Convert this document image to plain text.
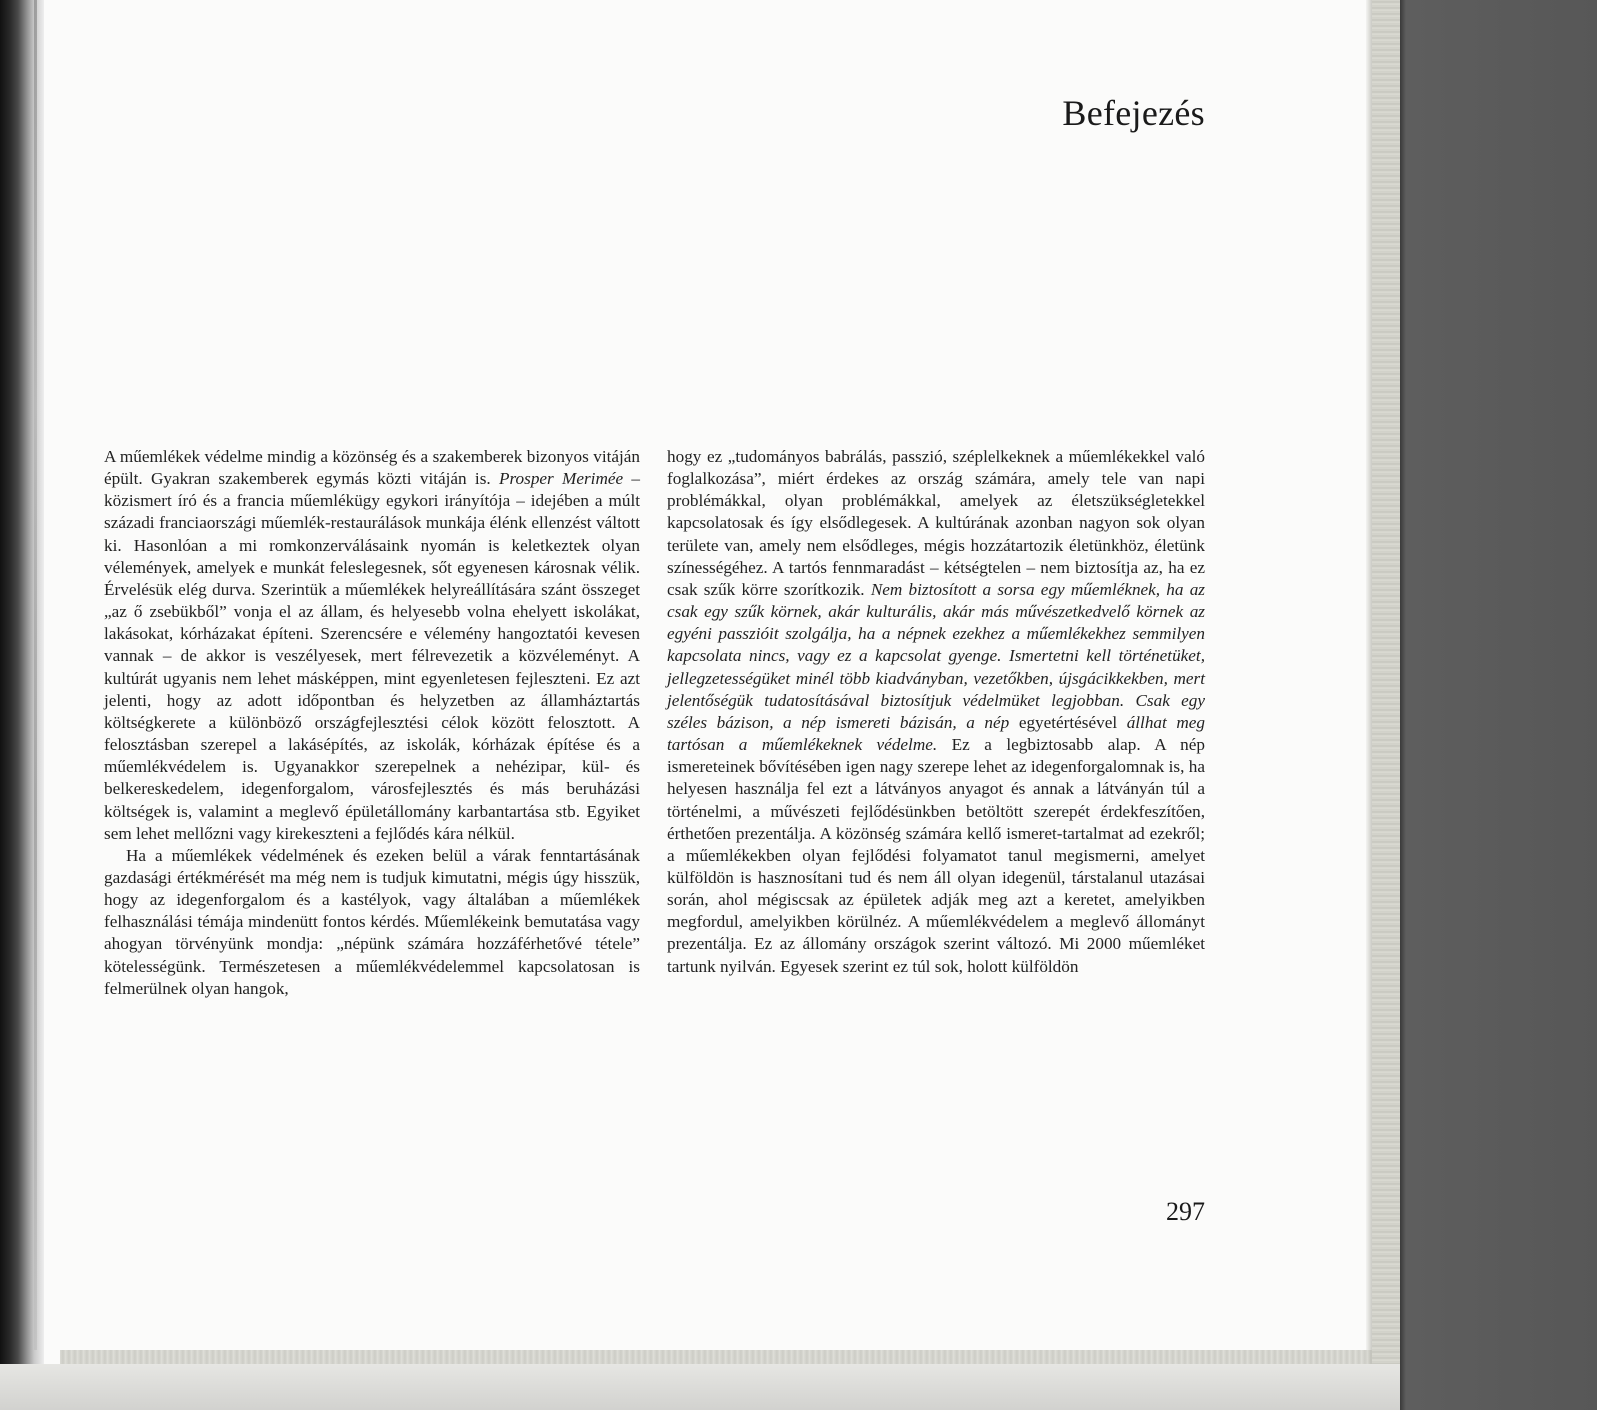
Befejezés

A műemlékek védelme mindig a közönség és a szakemberek bizonyos vitáján épült. Gyakran szakemberek egymás közti vitáján is. Prosper Merimée – közismert író és a francia műemlékügy egykori irányítója – idejében a múlt századi franciaországi műemlék-restaurálások munkája élénk ellenzést váltott ki. Hasonlóan a mi romkonzerválásaink nyomán is keletkeztek olyan vélemények, amelyek e munkát feleslegesnek, sőt egyenesen károsnak vélik. Érvelésük elég durva. Szerintük a műemlékek helyreállítására szánt összeget „az ő zsebükből” vonja el az állam, és helyesebb volna ehelyett iskolákat, lakásokat, kórházakat építeni. Szerencsére e vélemény hangoztatói kevesen vannak – de akkor is veszélyesek, mert félrevezetik a közvéleményt. A kultúrát ugyanis nem lehet másképpen, mint egyenletesen fejleszteni. Ez azt jelenti, hogy az adott időpontban és helyzetben az államháztartás költségkerete a különböző országfejlesztési célok között felosztott. A felosztásban szerepel a lakásépítés, az iskolák, kórházak építése és a műemlékvédelem is. Ugyanakkor szerepelnek a nehézipar, kül- és belkereskedelem, idegenforgalom, városfejlesztés és más beruházási költségek is, valamint a meglevő épületállomány karbantartása stb. Egyiket sem lehet mellőzni vagy kirekeszteni a fejlődés kára nélkül.

Ha a műemlékek védelmének és ezeken belül a várak fenntartásának gazdasági értékmérését ma még nem is tudjuk kimutatni, mégis úgy hisszük, hogy az idegenforgalom és a kastélyok, vagy általában a műemlékek felhasználási témája mindenütt fontos kérdés. Műemlékeink bemutatása vagy ahogyan törvényünk mondja: „népünk számára hozzáférhetővé tétele” kötelességünk. Természetesen a műemlékvédelemmel kapcsolatosan is felmerülnek olyan hangok,

hogy ez „tudományos babrálás, passzió, széplelkeknek a műemlékekkel való foglalkozása”, miért érdekes az ország számára, amely tele van napi problémákkal, olyan problémákkal, amelyek az életszükségletekkel kapcsolatosak és így elsődlegesek. A kultúrának azonban nagyon sok olyan területe van, amely nem elsődleges, mégis hozzátartozik életünkhöz, életünk színességéhez. A tartós fennmaradást – kétségtelen – nem biztosítja az, ha ez csak szűk körre szorítkozik. Nem biztosított a sorsa egy műemléknek, ha az csak egy szűk körnek, akár kulturális, akár más művészetkedvelő körnek az egyéni passzióit szolgálja, ha a népnek ezekhez a műemlékekhez semmilyen kapcsolata nincs, vagy ez a kapcsolat gyenge. Ismertetni kell történetüket, jellegzetességüket minél több kiadványban, vezetőkben, újsgácikkekben, mert jelentőségük tudatosításával biztosítjuk védelmüket legjobban. Csak egy széles bázison, a nép ismereti bázisán, a nép egyetértésével állhat meg tartósan a műemlékeknek védelme. Ez a legbiztosabb alap. A nép ismereteinek bővítésében igen nagy szerepe lehet az idegenforgalomnak is, ha helyesen használja fel ezt a látványos anyagot és annak a látványán túl a történelmi, a művészeti fejlődésünkben betöltött szerepét érdekfeszítően, érthetően prezentálja. A közönség számára kellő ismeret-tartalmat ad ezekről; a műemlékekben olyan fejlődési folyamatot tanul megismerni, amelyet külföldön is hasznosítani tud és nem áll olyan idegenül, társtalanul utazásai során, ahol mégiscsak az épületek adják meg azt a keretet, amelyikben megfordul, amelyikben körülnéz. A műemlékvédelem a meglevő állományt prezentálja. Ez az állomány országok szerint változó. Mi 2000 műemléket tartunk nyilván. Egyesek szerint ez túl sok, holott külföldön

297
